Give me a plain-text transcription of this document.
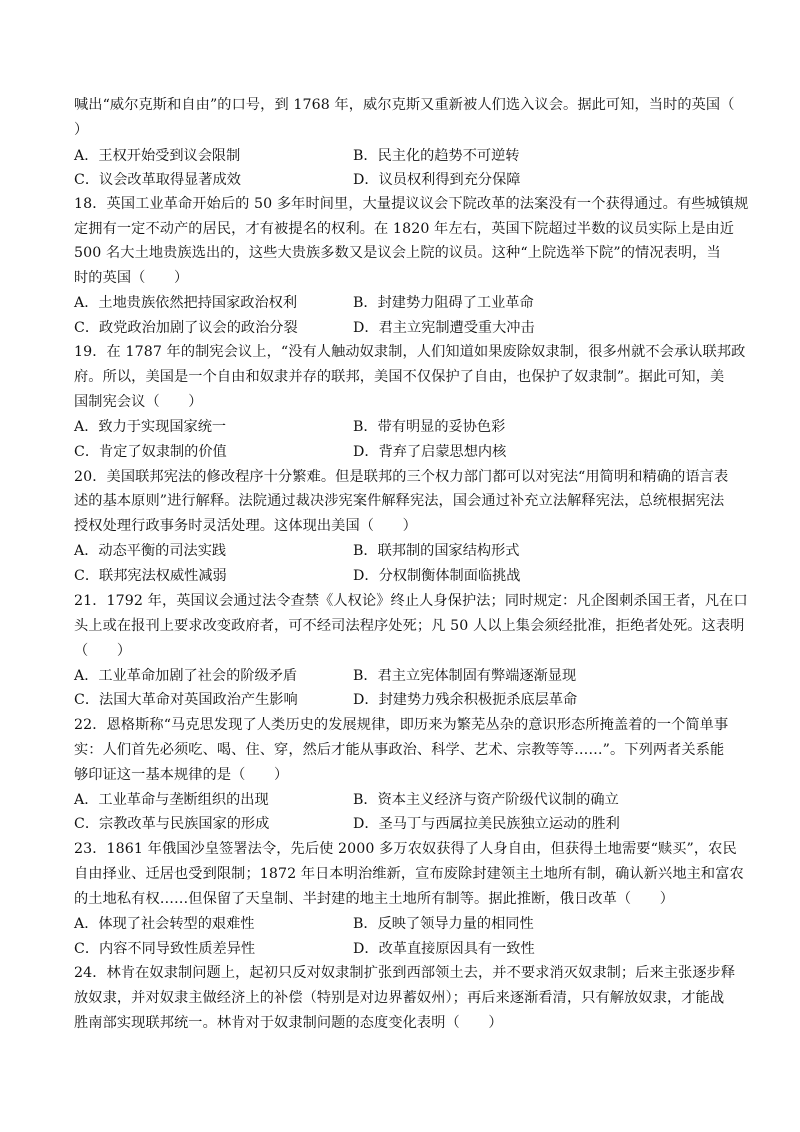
喊出“威尔克斯和自由”的口号，到 1768 年，威尔克斯又重新被人们选入议会。据此可知，当时的英国（
）
A．王权开始受到议会限制	B．民主化的趋势不可逆转
C．议会改革取得显著成效	D．议员权利得到充分保障
18．英国工业革命开始后的 50 多年时间里，大量提议议会下院改革的法案没有一个获得通过。有些城镇规
定拥有一定不动产的居民，才有被提名的权利。在 1820 年左右，英国下院超过半数的议员实际上是由近
500 名大土地贵族选出的，这些大贵族多数又是议会上院的议员。这种“上院选举下院”的情况表明，当
时的英国（　　）
A．土地贵族依然把持国家政治权利	B．封建势力阻碍了工业革命
C．政党政治加剧了议会的政治分裂	D．君主立宪制遭受重大冲击
19．在 1787 年的制宪会议上，“没有人触动奴隶制，人们知道如果废除奴隶制，很多州就不会承认联邦政
府。所以，美国是一个自由和奴隶并存的联邦，美国不仅保护了自由，也保护了奴隶制”。据此可知，美
国制宪会议（　　）
A．致力于实现国家统一	B．带有明显的妥协色彩
C．肯定了奴隶制的价值	D．背弃了启蒙思想内核
20．美国联邦宪法的修改程序十分繁难。但是联邦的三个权力部门都可以对宪法“用简明和精确的语言表
述的基本原则”进行解释。法院通过裁决涉宪案件解释宪法，国会通过补充立法解释宪法，总统根据宪法
授权处理行政事务时灵活处理。这体现出美国（　　）
A．动态平衡的司法实践	B．联邦制的国家结构形式
C．联邦宪法权威性减弱	D．分权制衡体制面临挑战
21．1792 年，英国议会通过法令查禁《人权论》终止人身保护法；同时规定：凡企图刺杀国王者，凡在口
头上或在报刊上要求改变政府者，可不经司法程序处死；凡 50 人以上集会须经批准，拒绝者处死。这表明
（　　）
A．工业革命加剧了社会的阶级矛盾	B．君主立宪体制固有弊端逐渐显现
C．法国大革命对英国政治产生影响	D．封建势力残余积极扼杀底层革命
22．恩格斯称“马克思发现了人类历史的发展规律，即历来为繁芜丛杂的意识形态所掩盖着的一个简单事
实：人们首先必须吃、喝、住、穿，然后才能从事政治、科学、艺术、宗教等等……”。下列两者关系能
够印证这一基本规律的是（　　）
A．工业革命与垄断组织的出现	B．资本主义经济与资产阶级代议制的确立
C．宗教改革与民族国家的形成	D．圣马丁与西属拉美民族独立运动的胜利
23．1861 年俄国沙皇签署法令，先后使 2000 多万农奴获得了人身自由，但获得土地需要“赎买”，农民
自由择业、迁居也受到限制；1872 年日本明治维新，宣布废除封建领主土地所有制，确认新兴地主和富农
的土地私有权……但保留了天皇制、半封建的地主土地所有制等。据此推断，俄日改革（　　）
A．体现了社会转型的艰难性	B．反映了领导力量的相同性
C．内容不同导致性质差异性	D．改革直接原因具有一致性
24．林肯在奴隶制问题上，起初只反对奴隶制扩张到西部领土去，并不要求消灭奴隶制；后来主张逐步释
放奴隶，并对奴隶主做经济上的补偿（特别是对边界蓄奴州）；再后来逐渐看清，只有解放奴隶，才能战
胜南部实现联邦统一。林肯对于奴隶制问题的态度变化表明（　　）
